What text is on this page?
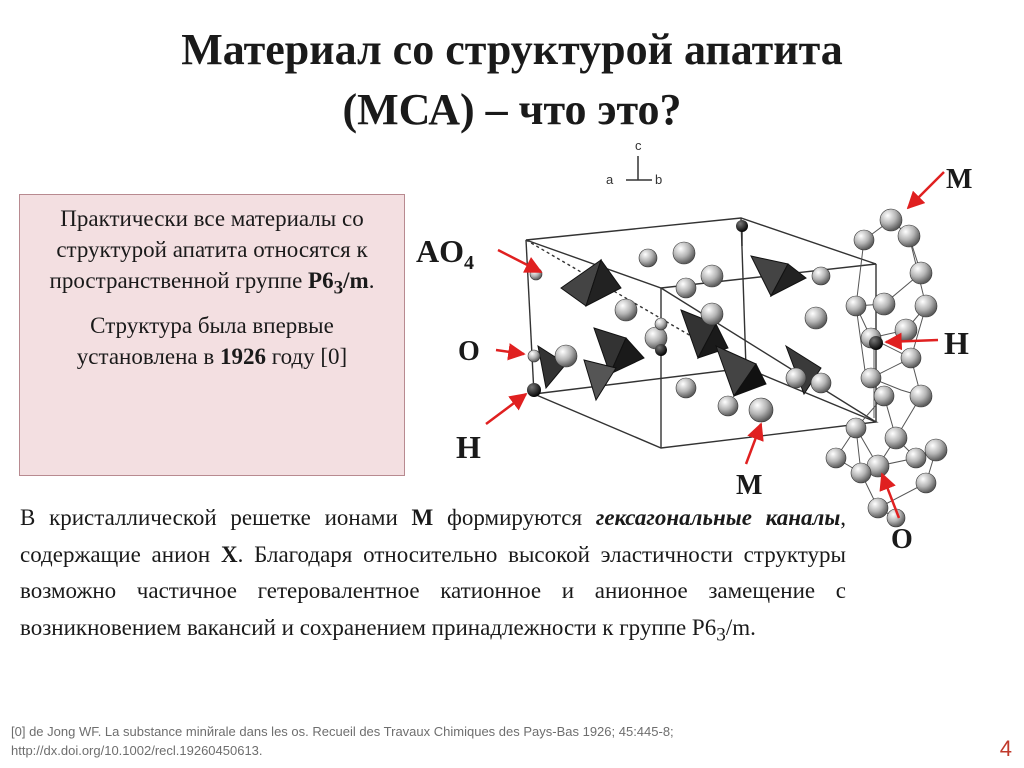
Материал со структурой апатита
(МСА) – что это?

Практически все материалы со структурой апатита относятся к пространственной группе $P6_3/m$.

Структура была впервые установлена в 1926 году [0]

В кристаллической решетке ионами М формируются гексагональные каналы, содержащие анион Х. Благодаря относительно высокой эластичности структуры возможно частичное гетеровалентное катионное и анионное замещение с возникновением вакансий и сохранением принадлежности к группе $Р6_3/m$.

[0] de Jong WF. La substance minйrale dans les os. Recueil des Travaux Chimiques des Pays-Bas 1926; 45:445-8;
http://dx.doi.org/10.1002/recl.19260450613.	4
c
a	b
$AO_4$
O
H
M
M
H
O
